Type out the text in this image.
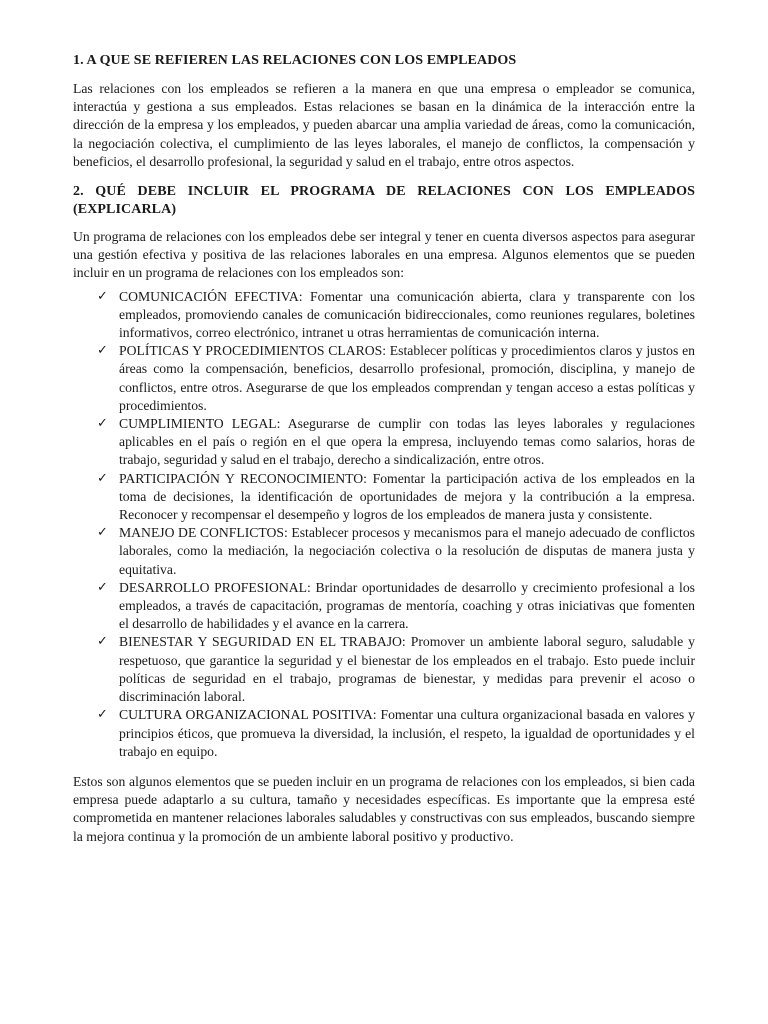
1. A QUE SE REFIEREN LAS RELACIONES CON LOS EMPLEADOS

Las relaciones con los empleados se refieren a la manera en que una empresa o empleador se comunica, interactúa y gestiona a sus empleados. Estas relaciones se basan en la dinámica de la interacción entre la dirección de la empresa y los empleados, y pueden abarcar una amplia variedad de áreas, como la comunicación, la negociación colectiva, el cumplimiento de las leyes laborales, el manejo de conflictos, la compensación y beneficios, el desarrollo profesional, la seguridad y salud en el trabajo, entre otros aspectos.

2. QUÉ DEBE INCLUIR EL PROGRAMA DE RELACIONES CON LOS EMPLEADOS (EXPLICARLA)

Un programa de relaciones con los empleados debe ser integral y tener en cuenta diversos aspectos para asegurar una gestión efectiva y positiva de las relaciones laborales en una empresa. Algunos elementos que se pueden incluir en un programa de relaciones con los empleados son:

✓ COMUNICACIÓN EFECTIVA: Fomentar una comunicación abierta, clara y transparente con los empleados, promoviendo canales de comunicación bidireccionales, como reuniones regulares, boletines informativos, correo electrónico, intranet u otras herramientas de comunicación interna.
✓ POLÍTICAS Y PROCEDIMIENTOS CLAROS: Establecer políticas y procedimientos claros y justos en áreas como la compensación, beneficios, desarrollo profesional, promoción, disciplina, y manejo de conflictos, entre otros. Asegurarse de que los empleados comprendan y tengan acceso a estas políticas y procedimientos.
✓ CUMPLIMIENTO LEGAL: Asegurarse de cumplir con todas las leyes laborales y regulaciones aplicables en el país o región en el que opera la empresa, incluyendo temas como salarios, horas de trabajo, seguridad y salud en el trabajo, derecho a sindicalización, entre otros.
✓ PARTICIPACIÓN Y RECONOCIMIENTO: Fomentar la participación activa de los empleados en la toma de decisiones, la identificación de oportunidades de mejora y la contribución a la empresa. Reconocer y recompensar el desempeño y logros de los empleados de manera justa y consistente.
✓ MANEJO DE CONFLICTOS: Establecer procesos y mecanismos para el manejo adecuado de conflictos laborales, como la mediación, la negociación colectiva o la resolución de disputas de manera justa y equitativa.
✓ DESARROLLO PROFESIONAL: Brindar oportunidades de desarrollo y crecimiento profesional a los empleados, a través de capacitación, programas de mentoría, coaching y otras iniciativas que fomenten el desarrollo de habilidades y el avance en la carrera.
✓ BIENESTAR Y SEGURIDAD EN EL TRABAJO: Promover un ambiente laboral seguro, saludable y respetuoso, que garantice la seguridad y el bienestar de los empleados en el trabajo. Esto puede incluir políticas de seguridad en el trabajo, programas de bienestar, y medidas para prevenir el acoso o discriminación laboral.
✓ CULTURA ORGANIZACIONAL POSITIVA: Fomentar una cultura organizacional basada en valores y principios éticos, que promueva la diversidad, la inclusión, el respeto, la igualdad de oportunidades y el trabajo en equipo.

Estos son algunos elementos que se pueden incluir en un programa de relaciones con los empleados, si bien cada empresa puede adaptarlo a su cultura, tamaño y necesidades específicas. Es importante que la empresa esté comprometida en mantener relaciones laborales saludables y constructivas con sus empleados, buscando siempre la mejora continua y la promoción de un ambiente laboral positivo y productivo.
